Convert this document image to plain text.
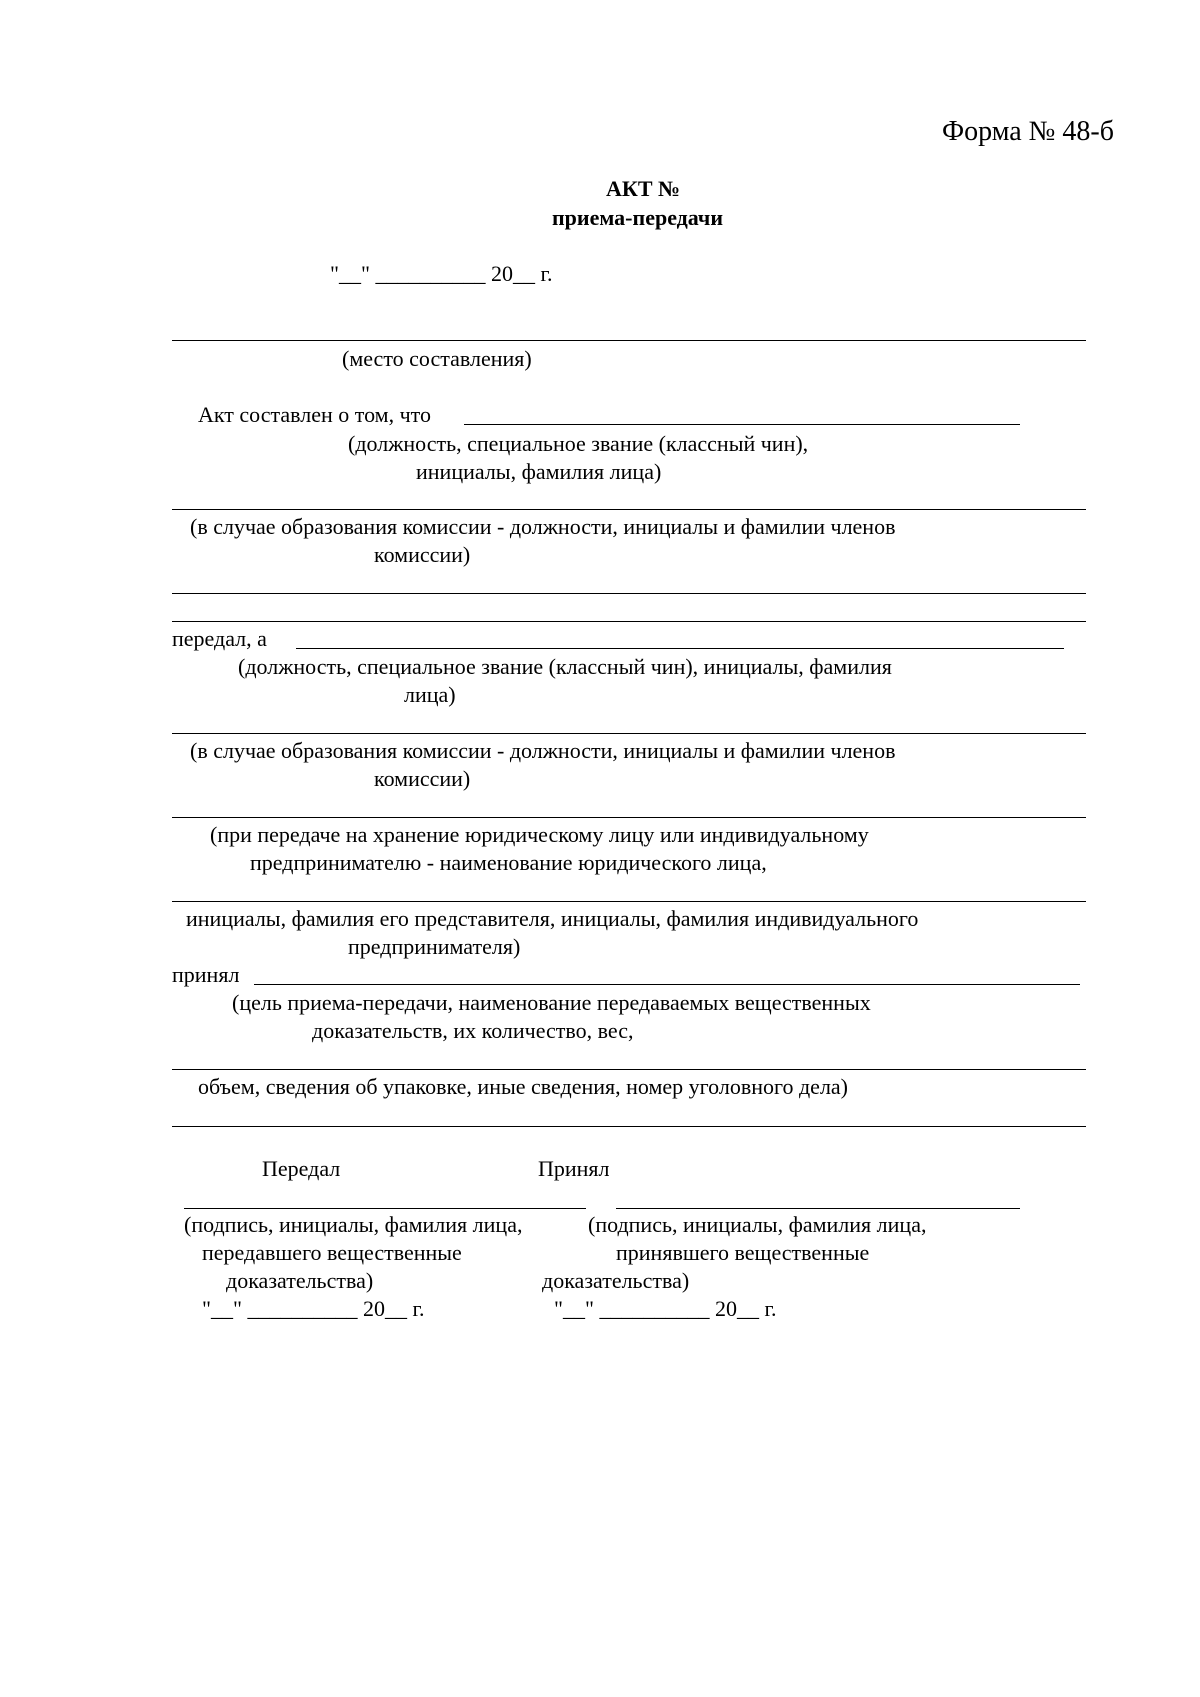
Форма № 48-б
АКТ №
приема-передачи
"__" __________ 20__ г.
(место составления)
Акт составлен о том, что
(должность, специальное звание (классный чин),
инициалы, фамилия лица)
(в случае образования комиссии - должности, инициалы и фамилии членов
комиссии)
передал, а
(должность, специальное звание (классный чин), инициалы, фамилия
лица)
(в случае образования комиссии - должности, инициалы и фамилии членов
комиссии)
(при передаче на хранение юридическому лицу или индивидуальному
предпринимателю - наименование юридического лица,
инициалы, фамилия его представителя, инициалы, фамилия индивидуального
предпринимателя)
принял
(цель приема-передачи, наименование передаваемых вещественных
доказательств, их количество, вес,
объем, сведения об упаковке, иные сведения, номер уголовного дела)
Передал
(подпись, инициалы, фамилия лица,
передавшего вещественные
доказательства)
"__" __________ 20__ г.
Принял
(подпись, инициалы, фамилия лица,
принявшего вещественные
доказательства)
"__" __________ 20__ г.
